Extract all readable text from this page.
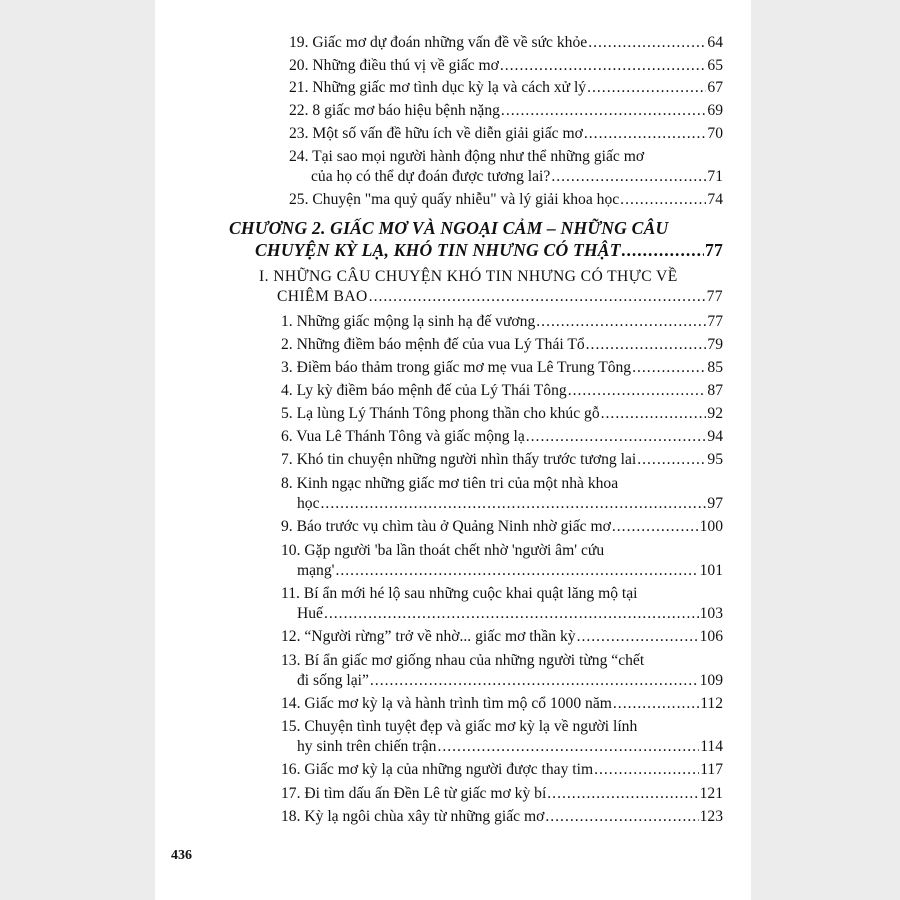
19. Giấc mơ dự đoán những vấn đề về sức khỏe .....	64
20. Những điều thú vị về giấc mơ .....	65
21. Những giấc mơ tình dục kỳ lạ và cách xử lý .....	67
22. 8 giấc mơ báo hiệu bệnh nặng .....	69
23. Một số vấn đề hữu ích về diễn giải giấc mơ .....	70
24. Tại sao mọi người hành động như thể những giấc mơ
của họ có thể dự đoán được tương lai? .....	71
25. Chuyện "ma quỷ quấy nhiễu" và lý giải khoa học .....	74
CHƯƠNG 2. GIẤC MƠ VÀ NGOẠI CẢM – NHỮNG CÂU
CHUYỆN KỲ LẠ, KHÓ TIN NHƯNG CÓ THẬT .....	77
I. NHỮNG CÂU CHUYỆN KHÓ TIN NHƯNG CÓ THỰC VỀ
CHIÊM BAO .....	77
1. Những giấc mộng lạ sinh hạ đế vương .....	77
2. Những điềm báo mệnh đế của vua Lý Thái Tổ .....	79
3. Điềm báo thảm trong giấc mơ mẹ vua Lê Trung Tông .....	85
4. Ly kỳ điềm báo mệnh đế của Lý Thái Tông .....	87
5. Lạ lùng Lý Thánh Tông phong thần cho khúc gỗ .....	92
6. Vua Lê Thánh Tông và giấc mộng lạ .....	94
7. Khó tin chuyện những người nhìn thấy trước tương lai .....	95
8. Kinh ngạc những giấc mơ tiên tri của một nhà khoa
học .....	97
9. Báo trước vụ chìm tàu ở Quảng Ninh nhờ giấc mơ .....	100
10. Gặp người 'ba lần thoát chết nhờ 'người âm' cứu
mạng' .....	101
11. Bí ẩn mới hé lộ sau những cuộc khai quật lăng mộ tại
Huế .....	103
12. “Người rừng” trở về nhờ... giấc mơ thần kỳ .....	106
13. Bí ẩn giấc mơ giống nhau của những người từng “chết
đi sống lại” .....	109
14. Giấc mơ kỳ lạ và hành trình tìm mộ cổ 1000 năm .....	112
15. Chuyện tình tuyệt đẹp và giấc mơ kỳ lạ về người lính
hy sinh trên chiến trận .....	114
16. Giấc mơ kỳ lạ của những người được thay tim .....	117
17. Đi tìm dấu ấn Đền Lê từ giấc mơ kỳ bí .....	121
18. Kỳ lạ ngôi chùa xây từ những giấc mơ .....	123
436
